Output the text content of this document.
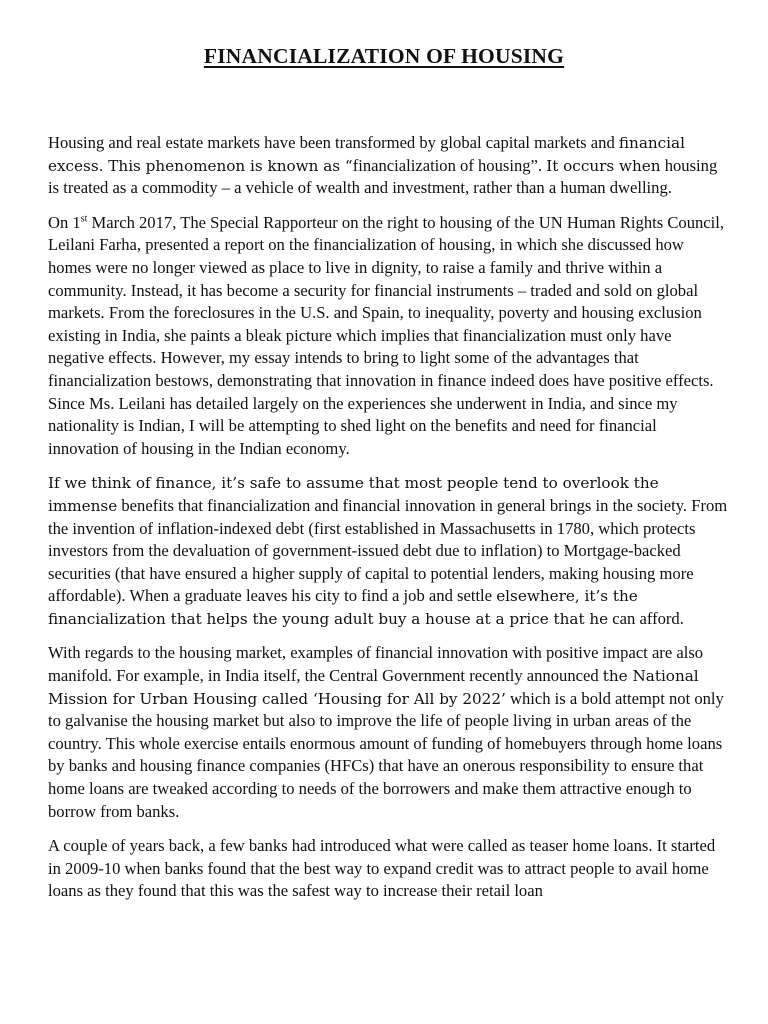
FINANCIALIZATION OF HOUSING

Housing and real estate markets have been transformed by global capital markets and financial excess. This phenomenon is known as “financialization of housing”. It occurs when housing is treated as a commodity – a vehicle of wealth and investment, rather than a human dwelling.

On 1st March 2017, The Special Rapporteur on the right to housing of the UN Human Rights Council, Leilani Farha, presented a report on the financialization of housing, in which she discussed how homes were no longer viewed as place to live in dignity, to raise a family and thrive within a community. Instead, it has become a security for financial instruments – traded and sold on global markets. From the foreclosures in the U.S. and Spain, to inequality, poverty and housing exclusion existing in India, she paints a bleak picture which implies that financialization must only have negative effects. However, my essay intends to bring to light some of the advantages that financialization bestows, demonstrating that innovation in finance indeed does have positive effects. Since Ms. Leilani has detailed largely on the experiences she underwent in India, and since my nationality is Indian, I will be attempting to shed light on the benefits and need for financial innovation of housing in the Indian economy.

If we think of finance, it’s safe to assume that most people tend to overlook the immense benefits that financialization and financial innovation in general brings in the society. From the invention of inflation-indexed debt (first established in Massachusetts in 1780, which protects investors from the devaluation of government-issued debt due to inflation) to Mortgage-backed securities (that have ensured a higher supply of capital to potential lenders, making housing more affordable). When a graduate leaves his city to find a job and settle elsewhere, it’s the financialization that helps the young adult buy a house at a price that he can afford.

With regards to the housing market, examples of financial innovation with positive impact are also manifold. For example, in India itself, the Central Government recently announced the National Mission for Urban Housing called ‘Housing for All by 2022’ which is a bold attempt not only to galvanise the housing market but also to improve the life of people living in urban areas of the country. This whole exercise entails enormous amount of funding of homebuyers through home loans by banks and housing finance companies (HFCs) that have an onerous responsibility to ensure that home loans are tweaked according to needs of the borrowers and make them attractive enough to borrow from banks.

A couple of years back, a few banks had introduced what were called as teaser home loans. It started in 2009-10 when banks found that the best way to expand credit was to attract people to avail home loans as they found that this was the safest way to increase their retail loan
